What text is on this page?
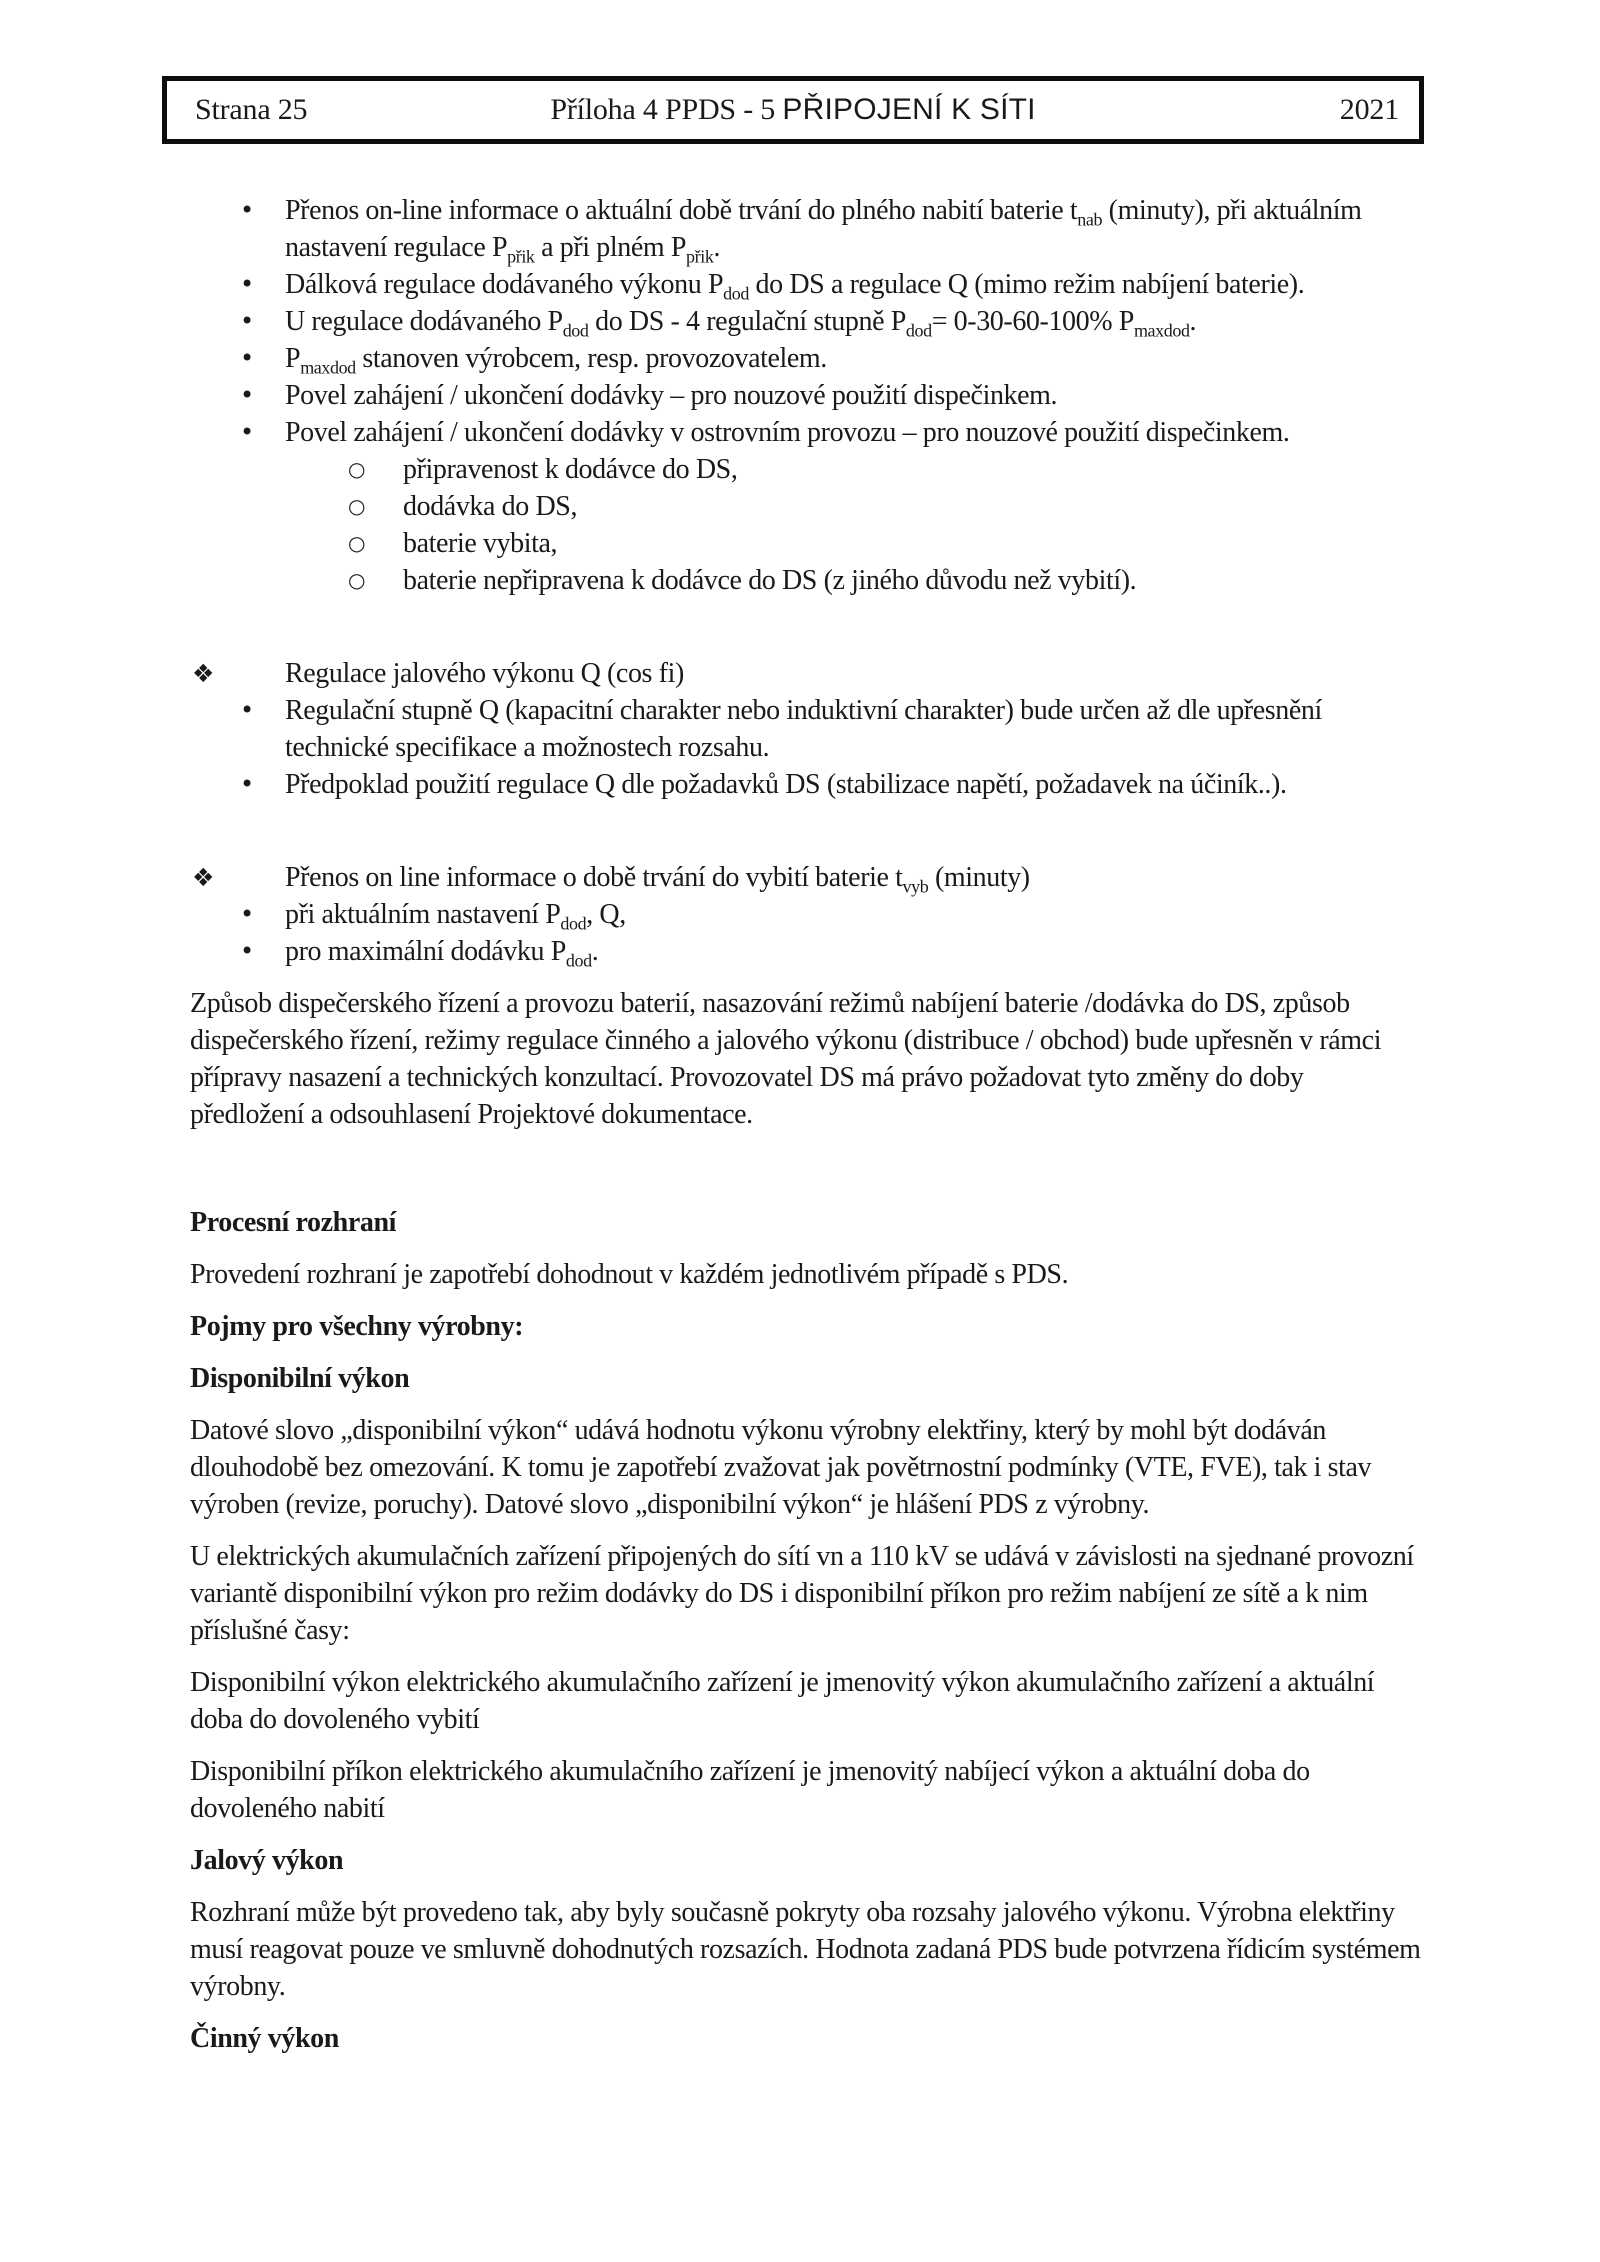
Strana 25	Příloha 4 PPDS - 5 PŘIPOJENÍ K SÍTI	2021
• Přenos on-line informace o aktuální době trvání do plného nabití baterie $t_{nab}$ (minuty), při aktuálním nastavení regulace $P_{přik}$ a při plném $P_{přik}$.
• Dálková regulace dodávaného výkonu $P_{dod}$ do DS a regulace Q (mimo režim nabíjení baterie).
• U regulace dodávaného $P_{dod}$ do DS - 4 regulační stupně $P_{dod}= 0-30-60-100\%$ $P_{maxdod}$.
• $P_{maxdod}$ stanoven výrobcem, resp. provozovatelem.
• Povel zahájení / ukončení dodávky – pro nouzové použití dispečinkem.
• Povel zahájení / ukončení dodávky v ostrovním provozu – pro nouzové použití dispečinkem.
○ připravenost k dodávce do DS,
○ dodávka do DS,
○ baterie vybita,
○ baterie nepřipravena k dodávce do DS (z jiného důvodu než vybití).
❖	Regulace jalového výkonu Q (cos fi)
• Regulační stupně Q (kapacitní charakter nebo induktivní charakter) bude určen až dle upřesnění technické specifikace a možnostech rozsahu.
• Předpoklad použití regulace Q dle požadavků DS (stabilizace napětí, požadavek na účiník..).
❖	Přenos on line informace o době trvání do vybití baterie $t_{vyb}$ (minuty)
• při aktuálním nastavení $P_{dod}$, Q,
• pro maximální dodávku $P_{dod}$.
Způsob dispečerského řízení a provozu baterií, nasazování režimů nabíjení baterie /dodávka do DS, způsob dispečerského řízení, režimy regulace činného a jalového výkonu (distribuce / obchod) bude upřesněn v rámci přípravy nasazení a technických konzultací. Provozovatel DS má právo požadovat tyto změny do doby předložení a odsouhlasení Projektové dokumentace.
Procesní rozhraní
Provedení rozhraní je zapotřebí dohodnout v každém jednotlivém případě s PDS.
Pojmy pro všechny výrobny:
Disponibilní výkon
Datové slovo „disponibilní výkon“ udává hodnotu výkonu výrobny elektřiny, který by mohl být dodáván dlouhodobě bez omezování. K tomu je zapotřebí zvažovat jak povětrnostní podmínky (VTE, FVE), tak i stav výroben (revize, poruchy). Datové slovo „disponibilní výkon“ je hlášení PDS z výrobny.
U elektrických akumulačních zařízení připojených do sítí vn a 110 kV se udává v závislosti na sjednané provozní variantě disponibilní výkon pro režim dodávky do DS i disponibilní příkon pro režim nabíjení ze sítě a k nim příslušné časy:
Disponibilní výkon elektrického akumulačního zařízení je jmenovitý výkon akumulačního zařízení a aktuální doba do dovoleného vybití
Disponibilní příkon elektrického akumulačního zařízení je jmenovitý nabíjecí výkon a aktuální doba do dovoleného nabití
Jalový výkon
Rozhraní může být provedeno tak, aby byly současně pokryty oba rozsahy jalového výkonu. Výrobna elektřiny musí reagovat pouze ve smluvně dohodnutých rozsazích. Hodnota zadaná PDS bude potvrzena řídicím systémem výrobny.
Činný výkon
